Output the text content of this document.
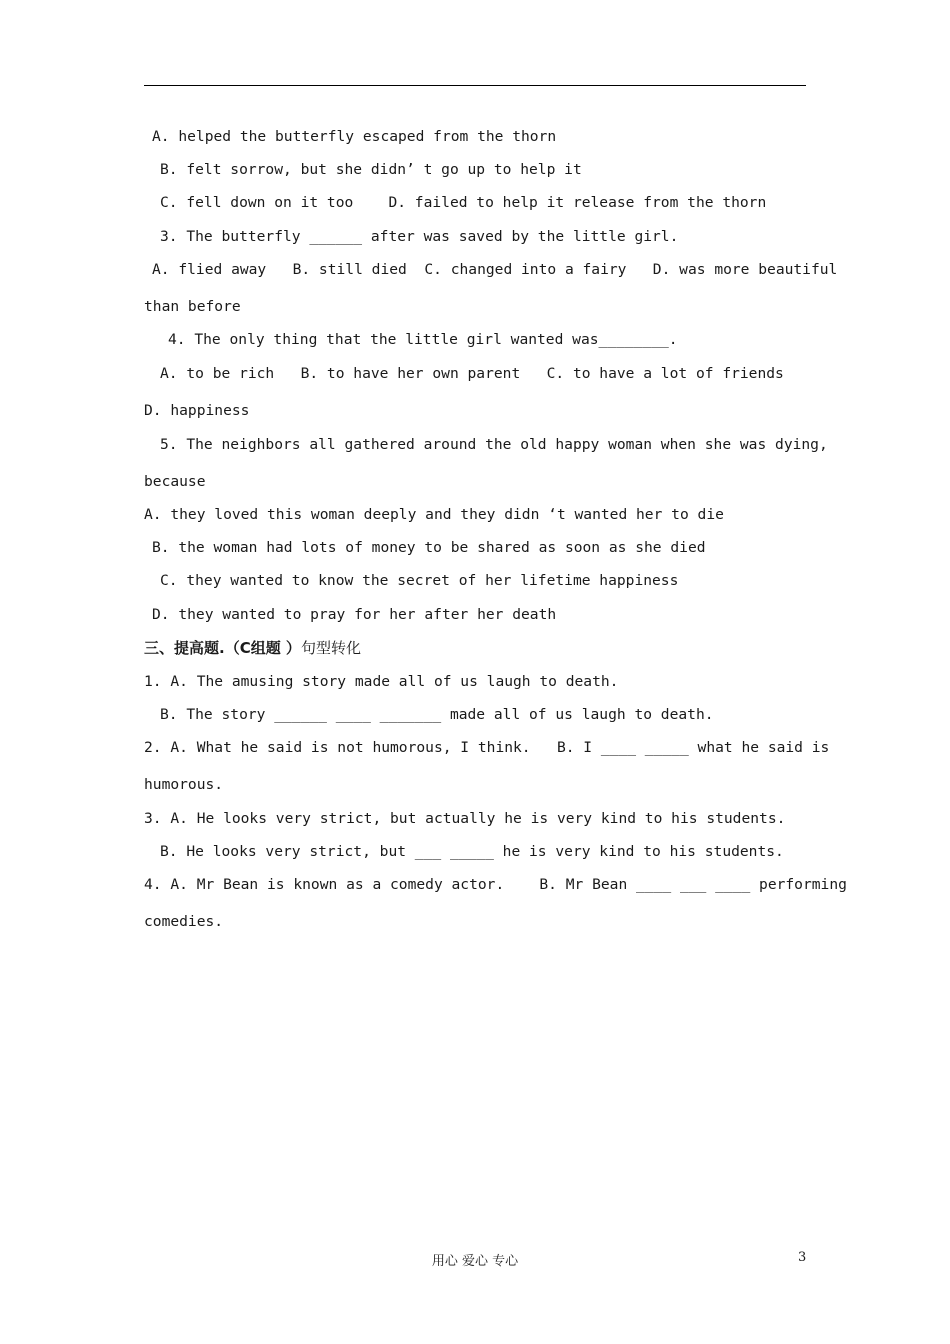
A. helped the butterfly escaped from the thorn
B. felt sorrow, but she didn’ t go up to help it
C. fell down on it too    D. failed to help it release from the thorn
3. The butterfly ______ after was saved by the little girl.
A. flied away   B. still died  C. changed into a fairy   D. was more beautiful
than before
4. The only thing that the little girl wanted was________.
A. to be rich   B. to have her own parent   C. to have a lot of friends
D. happiness
5. The neighbors all gathered around the old happy woman when she was dying,
because
A. they loved this woman deeply and they didn ‘t wanted her to die
B. the woman had lots of money to be shared as soon as she died
C. they wanted to know the secret of her lifetime happiness
D. they wanted to pray for her after her death
三、提高题.（C组题 ）句型转化
1. A. The amusing story made all of us laugh to death.
B. The story ______ ____ _______ made all of us laugh to death.
2. A. What he said is not humorous, I think.   B. I ____ _____ what he said is
humorous.
3. A. He looks very strict, but actually he is very kind to his students.
B. He looks very strict, but ___ _____ he is very kind to his students.
4. A. Mr Bean is known as a comedy actor.    B. Mr Bean ____ ___ ____ performing
comedies.
用心 爱心 专心	3
